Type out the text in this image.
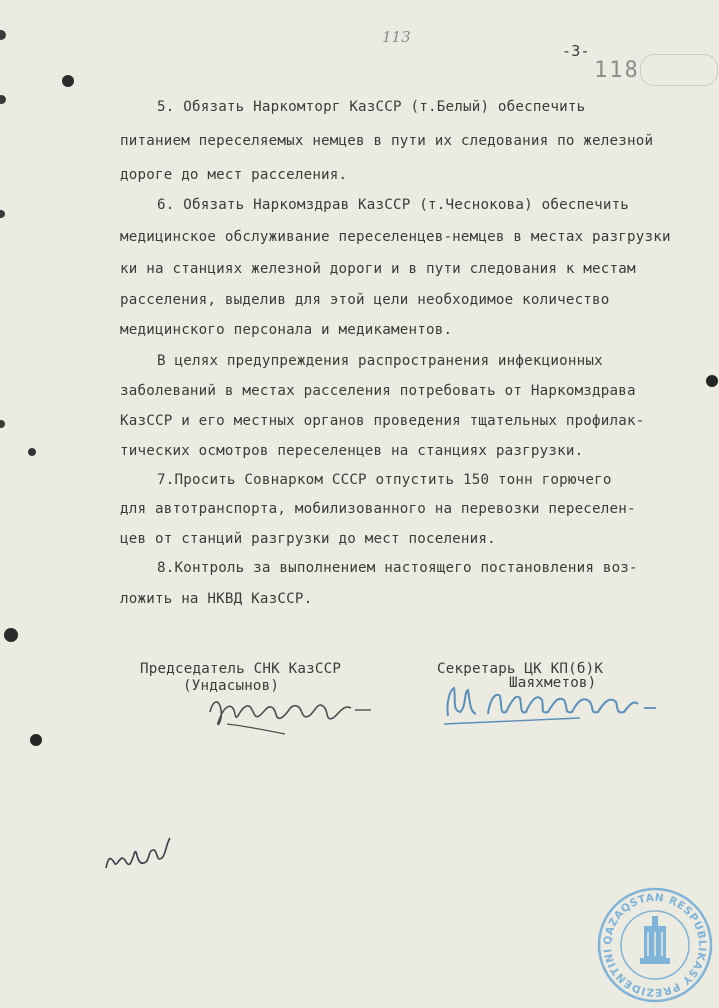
113
-3-
118
5. Обязать Наркомторг КазССР (т.Белый) обеспечить
питанием переселяемых немцев в пути их следования по железной
дороге до мест расселения.
6. Обязать Наркомздрав КазССР (т.Чеснокова) обеспечить
медицинское обслуживание переселенцев-немцев в местах разгрузки
ки на станциях железной дороги и в пути следования к местам
расселения, выделив для этой цели необходимое количество
медицинского персонала и медикаментов.
В целях предупреждения распространения инфекционных
заболеваний в местах расселения потребовать от Наркомздрава
КазССР и его местных органов проведения тщательных профилак-
тических осмотров переселенцев на станциях разгрузки.
7.Просить Совнарком СССР отпустить 150 тонн горючего
для автотранспорта, мобилизованного на перевозки переселен-
цев от станций разгрузки до мест поселения.
8.Контроль за выполнением настоящего постановления воз-
ложить на НКВД КазССР.
Председатель СНК КазССР
(Ундасынов)
Секретарь ЦК КП(б)К
Шаяхметов)
QAZAQSTAN RESPUBLIKASY PREZIDENTINI
